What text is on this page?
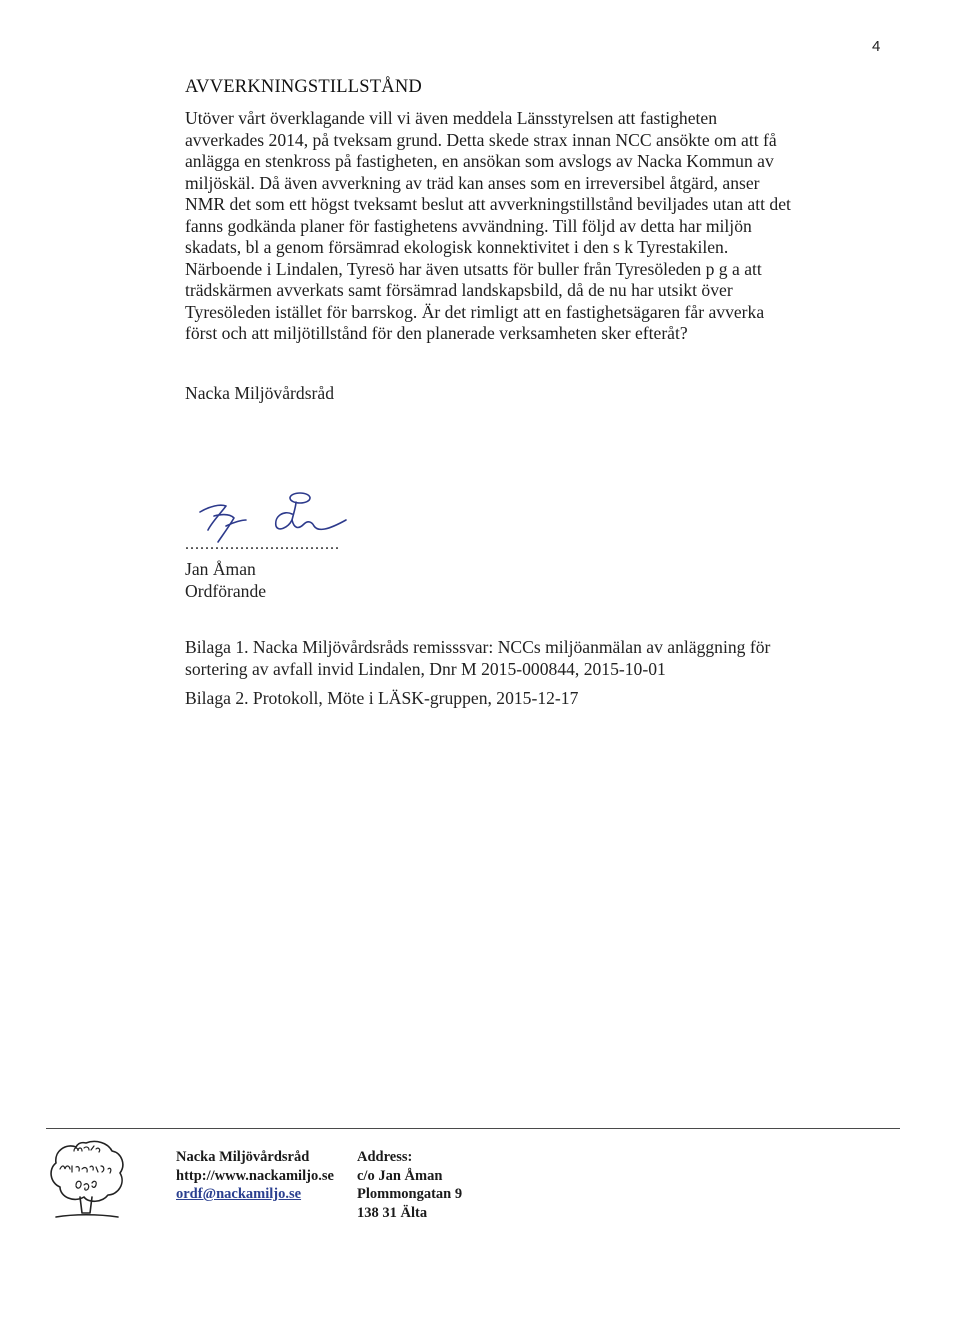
4
AVVERKNINGSTILLSTÅND
Utöver vårt överklagande vill vi även meddela Länsstyrelsen att fastigheten
avverkades 2014, på tveksam grund. Detta skede strax innan NCC ansökte om att få
anlägga en stenkross på fastigheten, en ansökan som avslogs av Nacka Kommun av
miljöskäl. Då även avverkning av träd kan anses som en irreversibel åtgärd, anser
NMR det som ett högst tveksamt beslut att avverkningstillstånd beviljades utan att det
fanns godkända planer för fastighetens avvändning. Till följd av detta har miljön
skadats, bl a genom försämrad ekologisk konnektivitet i den s k Tyrestakilen.
Närboende i Lindalen, Tyresö har även utsatts för buller från Tyresöleden p g a att
trädskärmen avverkats samt försämrad landskapsbild, då de nu har utsikt över
Tyresöleden istället för barrskog. Är det rimligt att en fastighetsägaren får avverka
först och att miljötillstånd för den planerade verksamheten sker efteråt?
Nacka Miljövårdsråd
...............................
Jan Åman
Ordförande
Bilaga 1. Nacka Miljövårdsråds remisssvar: NCCs miljöanmälan av anläggning för
sortering av avfall invid Lindalen, Dnr M 2015-000844, 2015-10-01
Bilaga 2. Protokoll, Möte i LÄSK-gruppen, 2015-12-17
Nacka Miljövårdsråd
http://www.nackamiljo.se
ordf@nackamiljo.se
Address:
c/o Jan Åman
Plommongatan 9
138 31 Älta
